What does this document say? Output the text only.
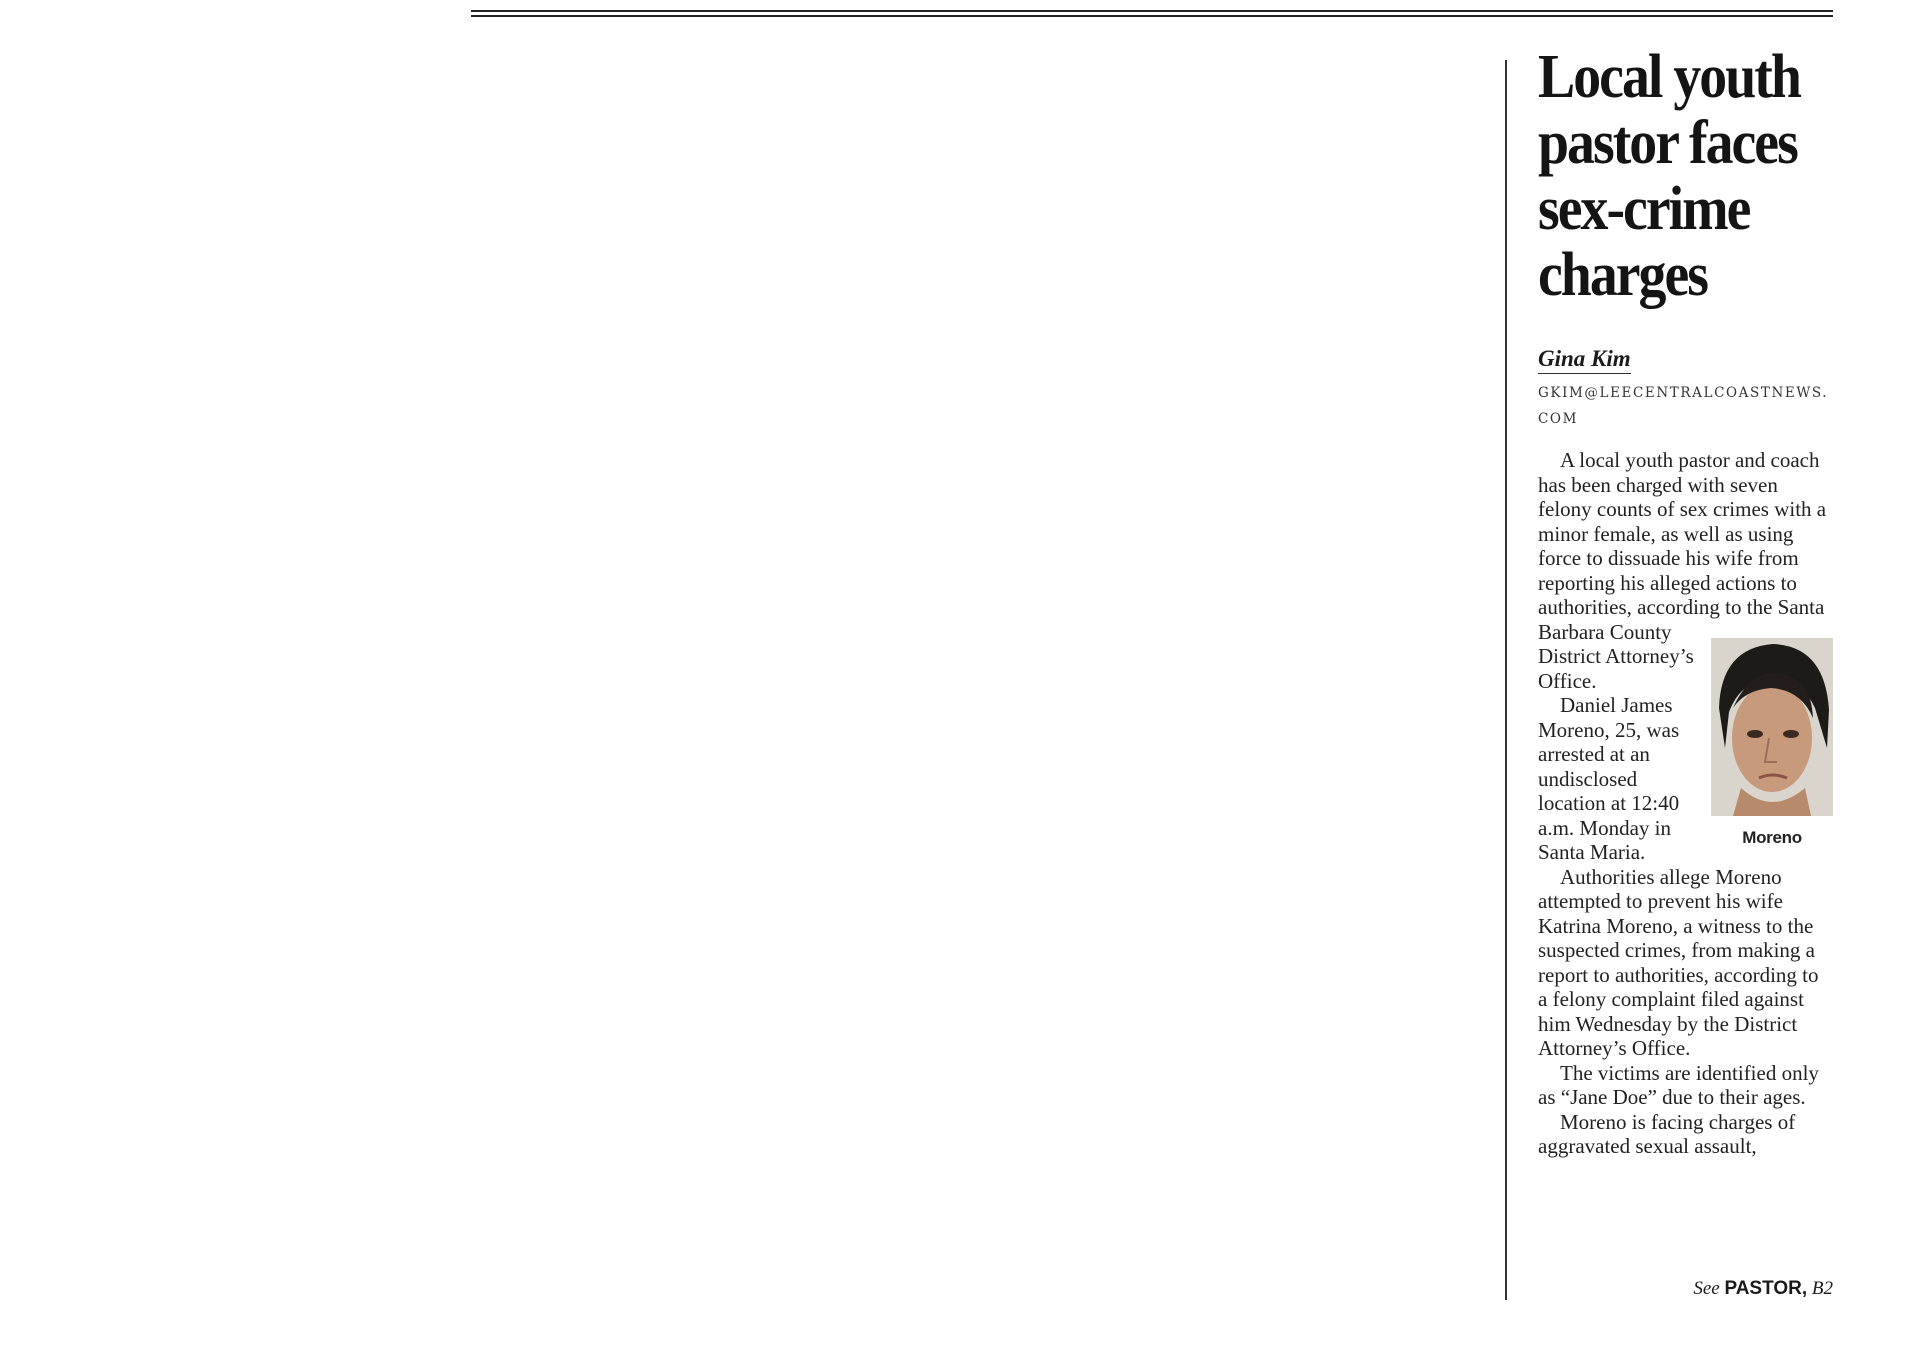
Local youth pastor faces sex-crime charges
Gina Kim
GKIM@LEECENTRALCOASTNEWS. COM

A local youth pastor and coach has been charged with seven felony counts of sex crimes with a minor female, as well as using force to dissuade his wife from reporting his alleged actions to authorities, according to the Santa Barbara County District Attorney’s Office.

Moreno

Daniel James Moreno, 25, was arrested at an undisclosed location at 12:40 a.m. Monday in Santa Maria.

Authorities allege Moreno attempted to prevent his wife Katrina Moreno, a witness to the suspected crimes, from making a report to authorities, according to a felony complaint filed against him Wednesday by the District Attorney’s Office.

The victims are identified only as “Jane Doe” due to their ages.

Moreno is facing charges of aggravated sexual assault,

See PASTOR, B2
